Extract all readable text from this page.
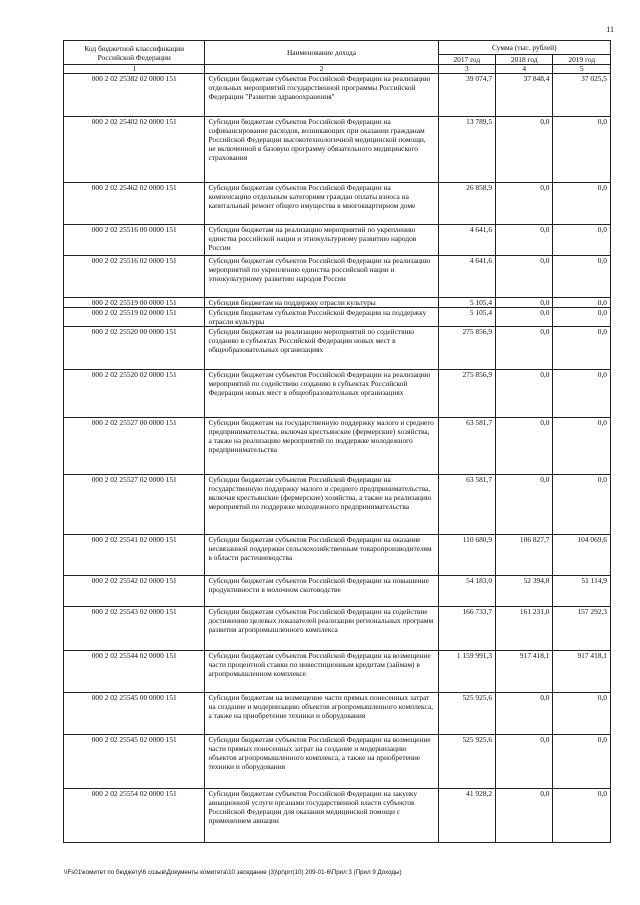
11
Код бюджетной классификации Российской Федерации	Наименование дохода	Сумма (тыс. рублей)		
		2017 год	2018 год	2019 год
1	2	3	4	5
000 2 02 25382 02 0000 151	Субсидии бюджетам субъектов Российской Федерации на реализацию отдельных мероприятий государственной программы Российской Федерации "Развитие здравоохранения"	39 074,7	37 848,4	37 025,5
000 2 02 25402 02 0000 151	Субсидии бюджетам субъектов Российской Федерации на софинансирование расходов, возникающих при оказании гражданам Российской Федерации высокотехнологичной медицинской помощи, не включенной в базовую программу обязательного медицинского страхования	13 789,5	0,0	0,0
000 2 02 25462 02 0000 151	Субсидии бюджетам субъектов Российской Федерации на компенсацию отдельным категориям граждан оплаты взноса на капитальный ремонт общего имущества в многоквартирном доме	26 858,9	0,0	0,0
000 2 02 25516 00 0000 151	Субсидии бюджетам на реализацию мероприятий по укреплению единства российской нации и этнокультурному развитию народов России	4 641,6	0,0	0,0
000 2 02 25516 02 0000 151	Субсидии бюджетам субъектов Российской Федерации на реализацию мероприятий по укреплению единства российской нации и этнокультурному развитию народов России	4 641,6	0,0	0,0
000 2 02 25519 00 0000 151	Субсидия бюджетам на поддержку отрасли культуры	5 105,4	0,0	0,0
000 2 02 25519 02 0000 151	Субсидия бюджетам субъектов Российской Федерации на поддержку отрасли культуры	5 105,4	0,0	0,0
000 2 02 25520 00 0000 151	Субсидии бюджетам на реализацию мероприятий по содействию созданию в субъектах Российской Федерации новых мест в общеобразовательных организациях	275 856,9	0,0	0,0
000 2 02 25520 02 0000 151	Субсидии бюджетам субъектов Российской Федерации на реализацию мероприятий по содействию созданию в субъектах Российской Федерации новых мест в общеобразовательных организациях	275 856,9	0,0	0,0
000 2 02 25527 00 0000 151	Субсидии бюджетам на государственную поддержку малого и среднего предпринимательства, включая крестьянские (фермерские) хозяйства, а также на реализацию мероприятий по поддержке молодежного предпринимательства	63 581,7	0,0	0,0
000 2 02 25527 02 0000 151	Субсидии бюджетам субъектов Российской Федерации на государственную поддержку малого и среднего предпринимательства, включая крестьянские (фермерские) хозяйства, а также на реализацию мероприятий по поддержке молодежного предпринимательства	63 581,7	0,0	0,0
000 2 02 25541 02 0000 151	Субсидии бюджетам субъектов Российской Федерации на оказание несвязанной поддержки сельскохозяйственным товаропроизводителям в области растениеводства	110 680,9	106 827,7	104 069,6
000 2 02 25542 02 0000 151	Субсидии бюджетам субъектов Российской Федерации на повышение продуктивности в молочном скотоводстве	54 183,0	52 394,8	51 114,9
000 2 02 25543 02 0000 151	Субсидии бюджетам субъектов Российской Федерации на содействие достижению целевых показателей реализации региональных программ развития агропромышленного комплекса	166 733,7	161 231,0	157 292,3
000 2 02 25544 02 0000 151	Субсидии бюджетам субъектов Российской Федерации на возмещение части процентной ставки по инвестиционным кредитам (займам) в агропромышленном комплексе	1 159 991,3	917 418,1	917 418,1
000 2 02 25545 00 0000 151	Субсидии бюджетам на возмещение части прямых понесенных затрат на создание и модернизацию объектов агропромышленного комплекса, а также на приобретение техники и оборудования	525 925,6	0,0	0,0
000 2 02 25545 02 0000 151	Субсидии бюджетам субъектов Российской Федерации на возмещение части прямых понесенных затрат на создание и модернизацию объектов агропромышленного комплекса, а также на приобретение техники и оборудования	525 925,6	0,0	0,0
000 2 02 25554 02 0000 151	Субсидии бюджетам субъектов Российской Федерации на закупку авиационной услуги органами государственной власти субъектов Российской Федерации для оказания медицинской помощи с применением авиации	41 928,2	0,0	0,0
\\Fs01\комитет по бюджету\6 созыв\Документы комитета\10 заседание (3)\pr\prr(10) 209-01-6\Прил 3 (Прил 9 Доходы)
